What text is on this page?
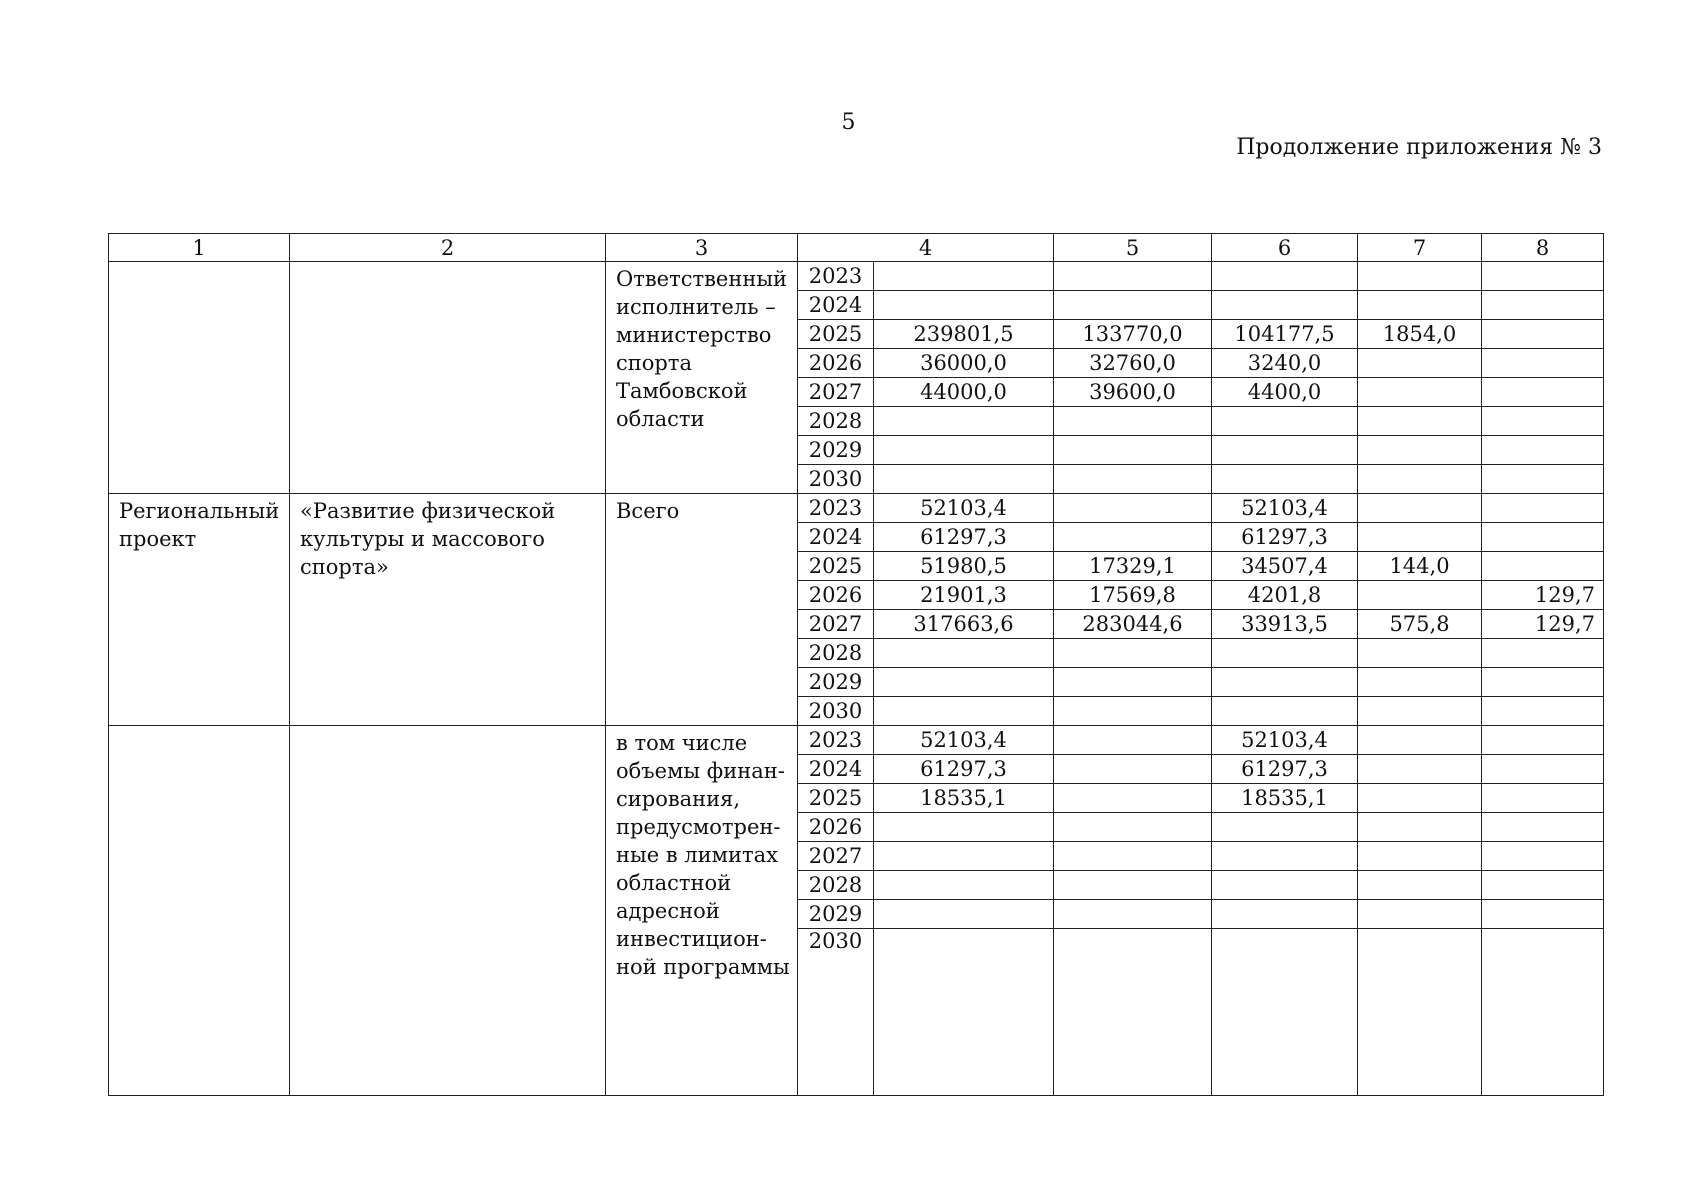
5
Продолжение приложения № 3
1	2	3	4		5	6	7	8
		Ответственный исполнитель – министерство спорта Тамбовской области	2023					
			2024					
			2025	239801,5	133770,0	104177,5	1854,0	
			2026	36000,0	32760,0	3240,0		
			2027	44000,0	39600,0	4400,0		
			2028					
			2029					
			2030					
Региональный проект	«Развитие физической культуры и массового спорта»	Всего	2023	52103,4		52103,4		
			2024	61297,3		61297,3		
			2025	51980,5	17329,1	34507,4	144,0	
			2026	21901,3	17569,8	4201,8		129,7
			2027	317663,6	283044,6	33913,5	575,8	129,7
			2028					
			2029					
			2030					
		в том числе объемы финан-сирования, предусмотрен-ные в лимитах областной адресной инвестицион-ной программы	2023	52103,4		52103,4		
			2024	61297,3		61297,3		
			2025	18535,1		18535,1		
			2026					
			2027					
			2028					
			2029					
			2030					
